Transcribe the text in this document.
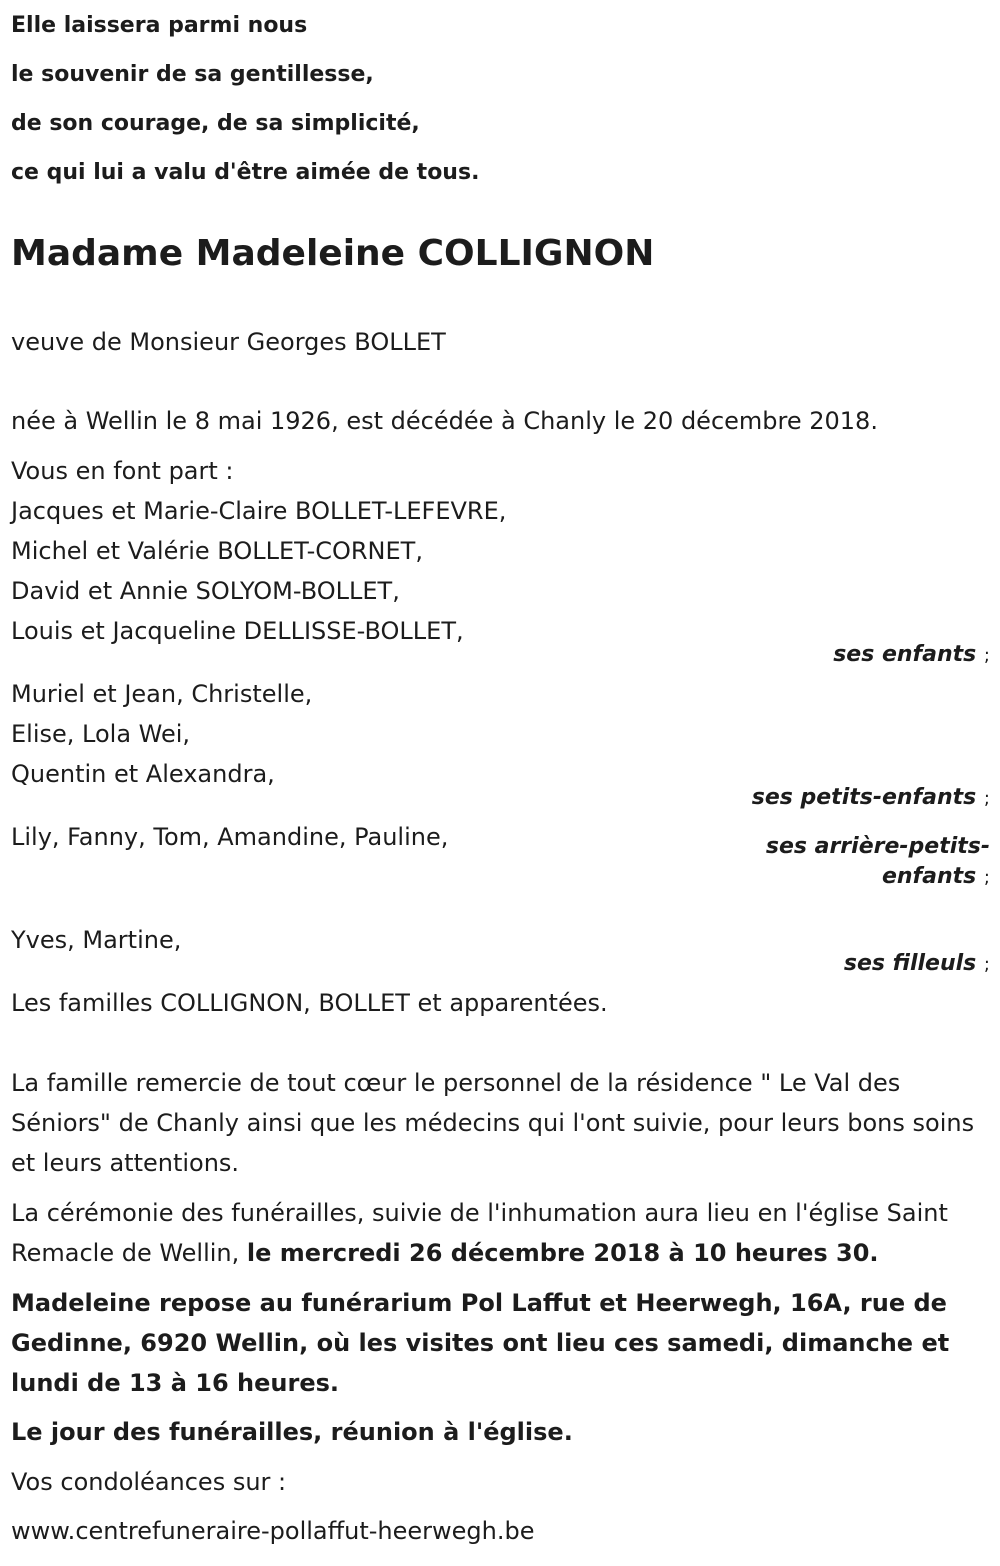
Elle laissera parmi nous
le souvenir de sa gentillesse,
de son courage, de sa simplicité,
ce qui lui a valu d'être aimée de tous.
Madame Madeleine COLLIGNON
veuve de Monsieur Georges BOLLET
née à Wellin le 8 mai 1926, est décédée à Chanly le 20 décembre 2018.
Vous en font part :
Jacques et Marie-Claire BOLLET-LEFEVRE,
Michel et Valérie BOLLET-CORNET,
David et Annie SOLYOM-BOLLET,
Louis et Jacqueline DELLISSE-BOLLET,
ses enfants ;
Muriel et Jean, Christelle,
Elise, Lola Wei,
Quentin et Alexandra,
ses petits-enfants ;
Lily, Fanny, Tom, Amandine, Pauline,	ses arrière-petits-
enfants ;
Yves, Martine,
ses filleuls ;
Les familles COLLIGNON, BOLLET et apparentées.
La famille remercie de tout cœur le personnel de la résidence " Le Val des Séniors" de Chanly ainsi que les médecins qui l'ont suivie, pour leurs bons soins et leurs attentions.
La cérémonie des funérailles, suivie de l'inhumation aura lieu en l'église Saint Remacle de Wellin, le mercredi 26 décembre 2018 à 10 heures 30.
Madeleine repose au funérarium Pol Laffut et Heerwegh, 16A, rue de Gedinne, 6920 Wellin, où les visites ont lieu ces samedi, dimanche et lundi de 13 à 16 heures.
Le jour des funérailles, réunion à l'église.
Vos condoléances sur :
www.centrefuneraire-pollaffut-heerwegh.be
